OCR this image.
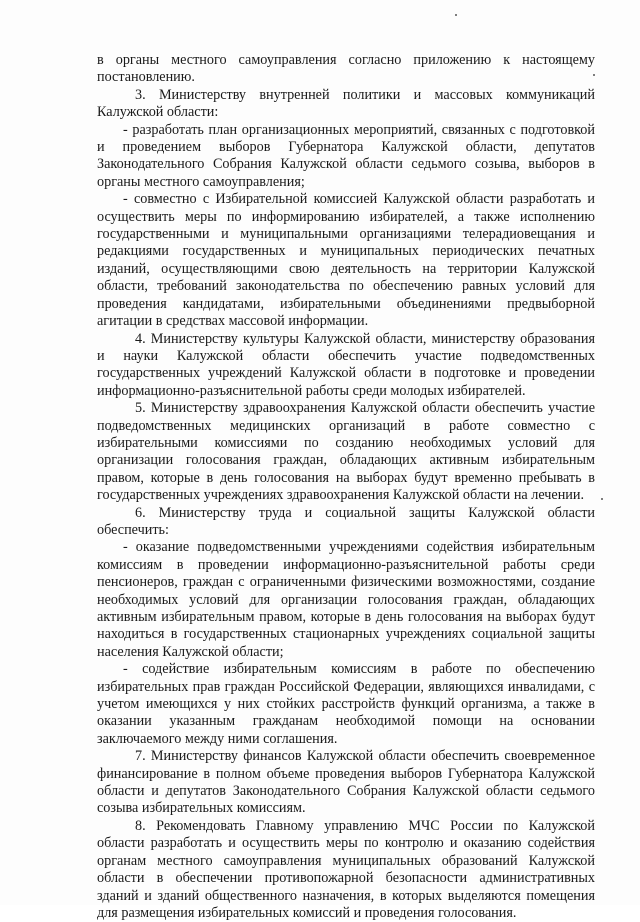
в органы местного самоуправления согласно приложению к настоящему постановлению.

3. Министерству внутренней политики и массовых коммуникаций Калужской области:

- разработать план организационных мероприятий, связанных с подготовкой и проведением выборов Губернатора Калужской области, депутатов Законодательного Собрания Калужской области седьмого созыва, выборов в органы местного самоуправления;

- совместно с Избирательной комиссией Калужской области разработать и осуществить меры по информированию избирателей, а также исполнению государственными и муниципальными организациями телерадиовещания и редакциями государственных и муниципальных периодических печатных изданий, осуществляющими свою деятельность на территории Калужской области, требований законодательства по обеспечению равных условий для проведения кандидатами, избирательными объединениями предвыборной агитации в средствах массовой информации.

4. Министерству культуры Калужской области, министерству образования и науки Калужской области обеспечить участие подведомственных государственных учреждений Калужской области в подготовке и проведении информационно-разъяснительной работы среди молодых избирателей.

5. Министерству здравоохранения Калужской области обеспечить участие подведомственных медицинских организаций в работе совместно с избирательными комиссиями по созданию необходимых условий для организации голосования граждан, обладающих активным избирательным правом, которые в день голосования на выборах будут временно пребывать в государственных учреждениях здравоохранения Калужской области на лечении.

6. Министерству труда и социальной защиты Калужской области обеспечить:

- оказание подведомственными учреждениями содействия избирательным комиссиям в проведении информационно-разъяснительной работы среди пенсионеров, граждан с ограниченными физическими возможностями, создание необходимых условий для организации голосования граждан, обладающих активным избирательным правом, которые в день голосования на выборах будут находиться в государственных стационарных учреждениях социальной защиты населения Калужской области;

- содействие избирательным комиссиям в работе по обеспечению избирательных прав граждан Российской Федерации, являющихся инвалидами, с учетом имеющихся у них стойких расстройств функций организма, а также в оказании указанным гражданам необходимой помощи на основании заключаемого между ними соглашения.

7. Министерству финансов Калужской области обеспечить своевременное финансирование в полном объеме проведения выборов Губернатора Калужской области и депутатов Законодательного Собрания Калужской области седьмого созыва избирательных комиссиям.

8. Рекомендовать Главному управлению МЧС России по Калужской области разработать и осуществить меры по контролю и оказанию содействия органам местного самоуправления муниципальных образований Калужской области в обеспечении противопожарной безопасности административных зданий и зданий общественного назначения, в которых выделяются помещения для размещения избирательных комиссий и проведения голосования.
